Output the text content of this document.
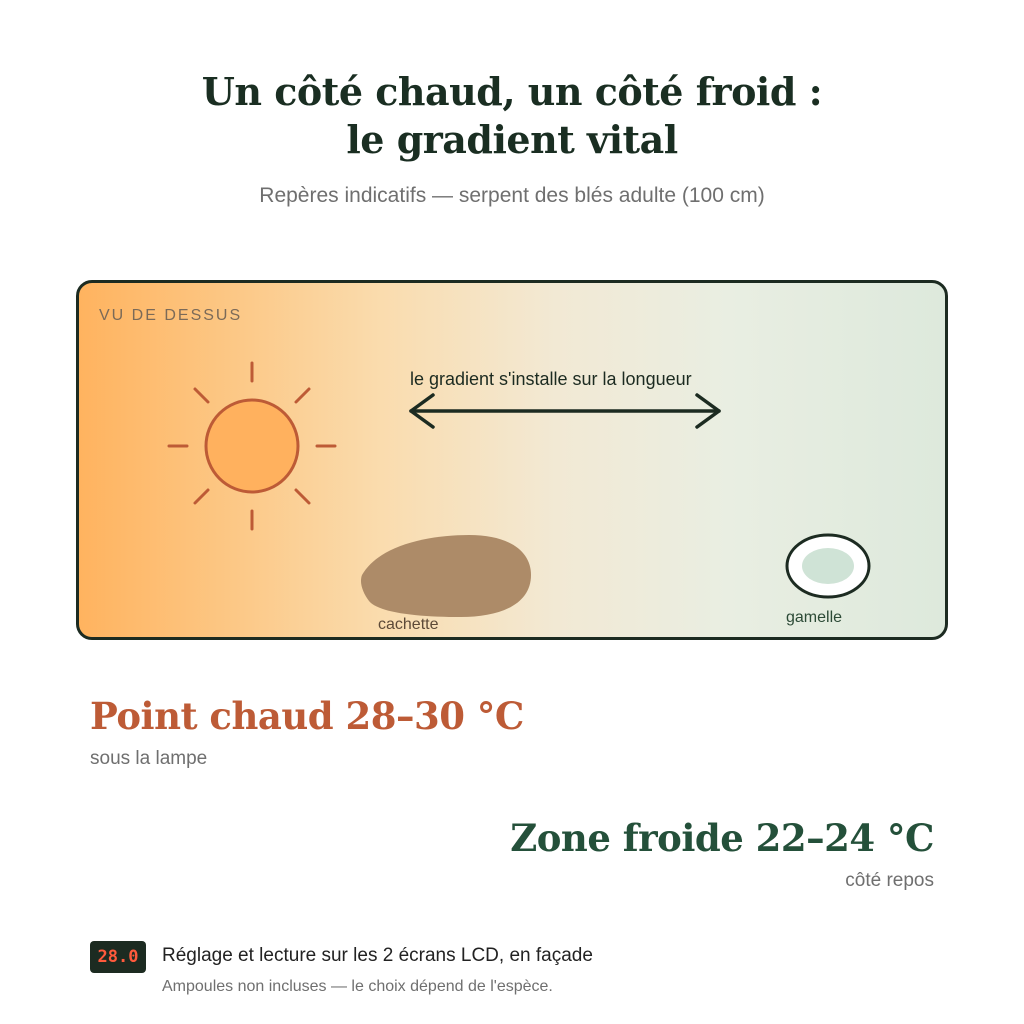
Un côté chaud, un côté froid :
le gradient vital
Repères indicatifs — serpent des blés adulte (100 cm)
VU DE DESSUS
le gradient s'installe sur la longueur
cachette	gamelle
Point chaud 28–30 °C
sous la lampe
Zone froide 22–24 °C
côté repos
28.0	Réglage et lecture sur les 2 écrans LCD, en façade
Ampoules non incluses — le choix dépend de l'espèce.
